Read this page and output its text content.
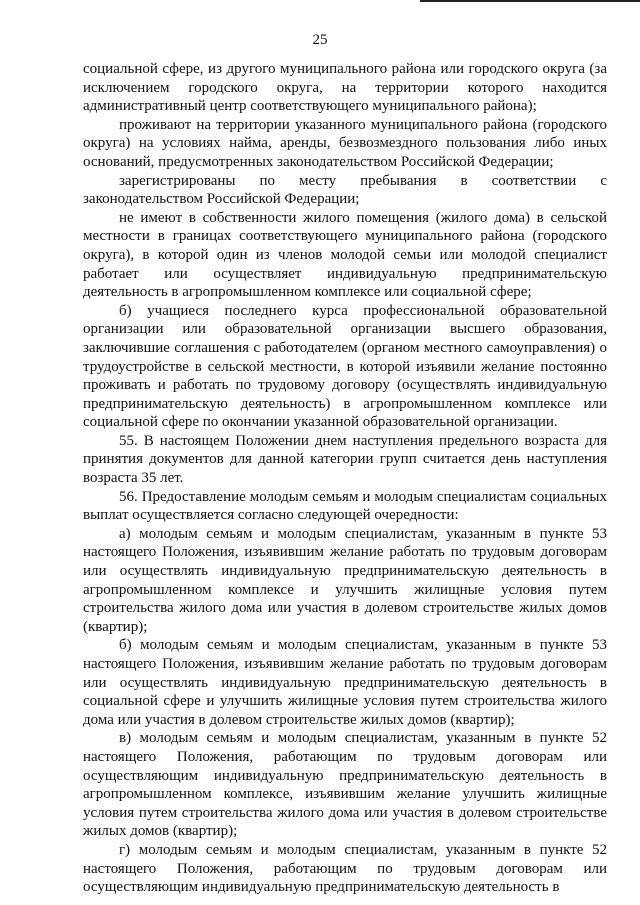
25

социальной сфере, из другого муниципального района или городского округа (за исключением городского округа, на территории которого находится административный центр соответствующего муниципального района);

проживают на территории указанного муниципального района (городского округа) на условиях найма, аренды, безвозмездного пользования либо иных оснований, предусмотренных законодательством Российской Федерации;

зарегистрированы по месту пребывания в соответствии с законодательством Российской Федерации;

не имеют в собственности жилого помещения (жилого дома) в сельской местности в границах соответствующего муниципального района (городского округа), в которой один из членов молодой семьи или молодой специалист работает или осуществляет индивидуальную предпринимательскую деятельность в агропромышленном комплексе или социальной сфере;

б) учащиеся последнего курса профессиональной образовательной организации или образовательной организации высшего образования, заключившие соглашения с работодателем (органом местного самоуправления) о трудоустройстве в сельской местности, в которой изъявили желание постоянно проживать и работать по трудовому договору (осуществлять индивидуальную предпринимательскую деятельность) в агропромышленном комплексе или социальной сфере по окончании указанной образовательной организации.

55. В настоящем Положении днем наступления предельного возраста для принятия документов для данной категории групп считается день наступления возраста 35 лет.

56. Предоставление молодым семьям и молодым специалистам социальных выплат осуществляется согласно следующей очередности:

а) молодым семьям и молодым специалистам, указанным в пункте 53 настоящего Положения, изъявившим желание работать по трудовым договорам или осуществлять индивидуальную предпринимательскую деятельность в агропромышленном комплексе и улучшить жилищные условия путем строительства жилого дома или участия в долевом строительстве жилых домов (квартир);

б) молодым семьям и молодым специалистам, указанным в пункте 53 настоящего Положения, изъявившим желание работать по трудовым договорам или осуществлять индивидуальную предпринимательскую деятельность в социальной сфере и улучшить жилищные условия путем строительства жилого дома или участия в долевом строительстве жилых домов (квартир);

в) молодым семьям и молодым специалистам, указанным в пункте 52 настоящего Положения, работающим по трудовым договорам или осуществляющим индивидуальную предпринимательскую деятельность в агропромышленном комплексе, изъявившим желание улучшить жилищные условия путем строительства жилого дома или участия в долевом строительстве жилых домов (квартир);

г) молодым семьям и молодым специалистам, указанным в пункте 52 настоящего Положения, работающим по трудовым договорам или осуществляющим индивидуальную предпринимательскую деятельность в
